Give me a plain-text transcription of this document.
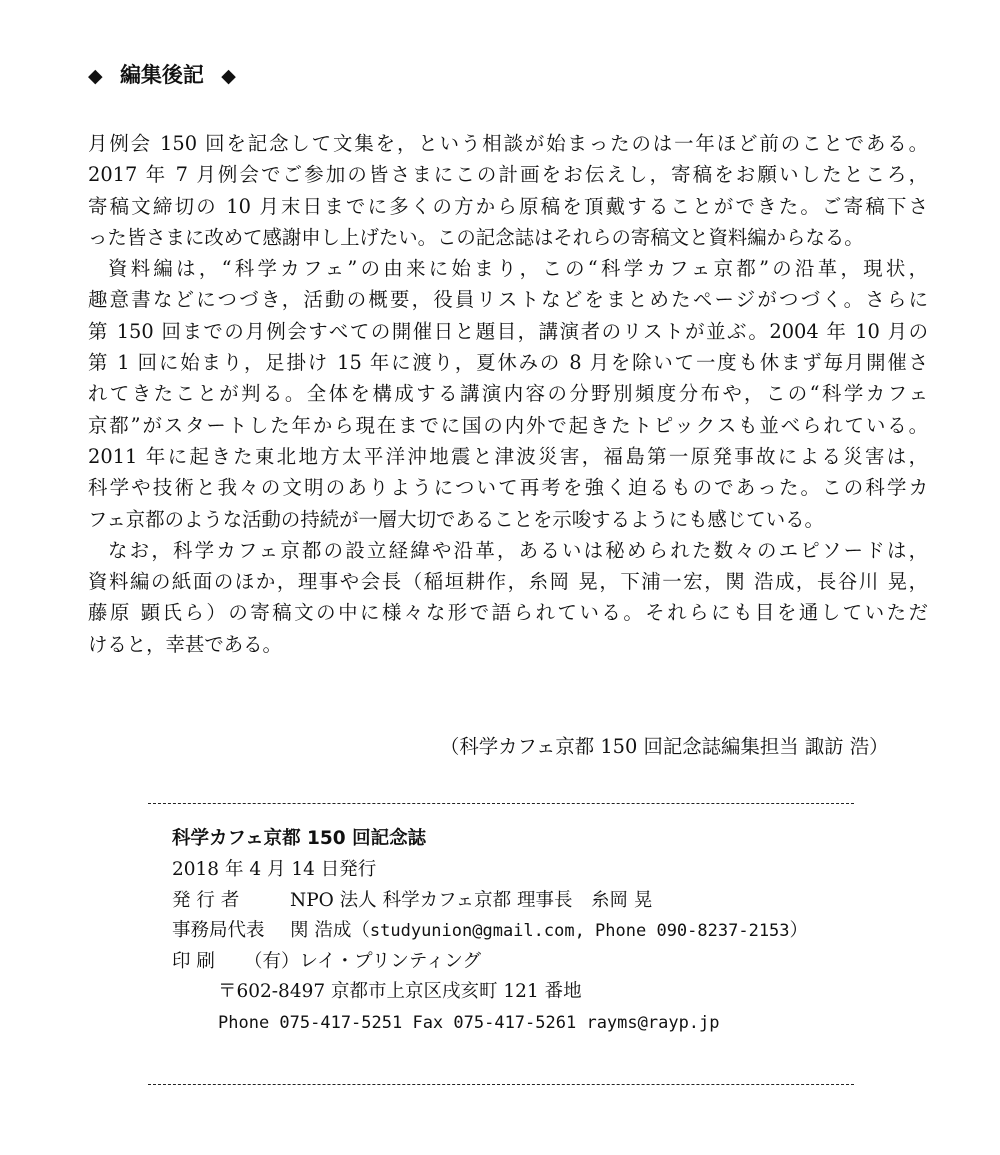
◆ 編集後記 ◆
月例会 150 回を記念して文集を，という相談が始まったのは一年ほど前のことである。
2017 年 7 月例会でご参加の皆さまにこの計画をお伝えし，寄稿をお願いしたところ，
寄稿文締切の 10 月末日までに多くの方から原稿を頂戴することができた。ご寄稿下さ
った皆さまに改めて感謝申し上げたい。この記念誌はそれらの寄稿文と資料編からなる。
資料編は，“科学カフェ”の由来に始まり，この“科学カフェ京都”の沿革，現状，
趣意書などにつづき，活動の概要，役員リストなどをまとめたページがつづく。さらに
第 150 回までの月例会すべての開催日と題目，講演者のリストが並ぶ。2004 年 10 月の
第 1 回に始まり，足掛け 15 年に渡り，夏休みの 8 月を除いて一度も休まず毎月開催さ
れてきたことが判る。全体を構成する講演内容の分野別頻度分布や，この“科学カフェ
京都”がスタートした年から現在までに国の内外で起きたトピックスも並べられている。
2011 年に起きた東北地方太平洋沖地震と津波災害，福島第一原発事故による災害は，
科学や技術と我々の文明のありようについて再考を強く迫るものであった。この科学カ
フェ京都のような活動の持続が一層大切であることを示唆するようにも感じている。
なお，科学カフェ京都の設立経緯や沿革，あるいは秘められた数々のエピソードは，
資料編の紙面のほか，理事や会長（稲垣耕作，糸岡 晃，下浦一宏，関 浩成，長谷川 晃，
藤原 顕氏ら）の寄稿文の中に様々な形で語られている。それらにも目を通していただ
けると，幸甚である。
（科学カフェ京都 150 回記念誌編集担当 諏訪 浩）
科学カフェ京都 150 回記念誌
2018 年 4 月 14 日発行
発 行 者	NPO 法人 科学カフェ京都 理事長　糸岡 晃
事務局代表 関 浩成（studyunion@gmail.com, Phone 090-8237-2153）
印 刷 （有）レイ・プリンティング
〒602-8497 京都市上京区戌亥町 121 番地
Phone 075-417-5251 Fax 075-417-5261 rayms@rayp.jp
